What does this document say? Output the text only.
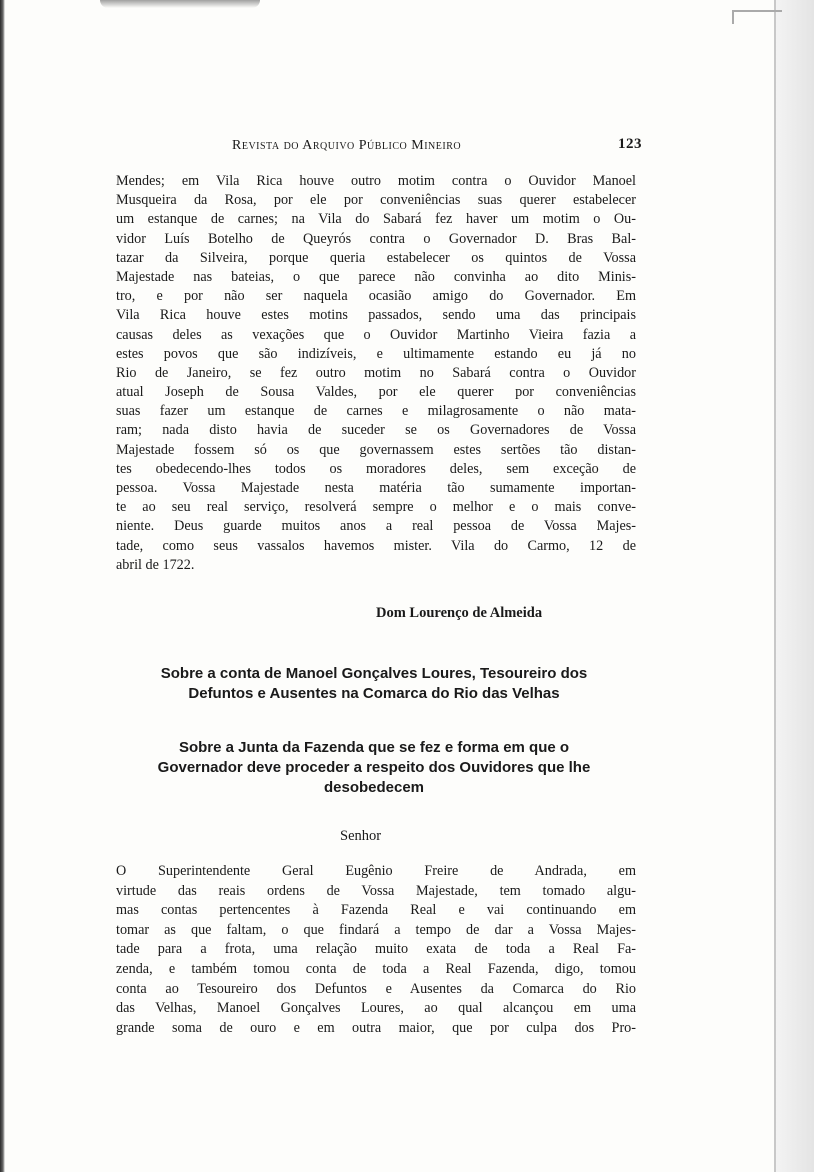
Revista do Arquivo Público Mineiro	123
Mendes; em Vila Rica houve outro motim contra o Ouvidor Manoel
Musqueira da Rosa, por ele por conveniências suas querer estabelecer
um estanque de carnes; na Vila do Sabará fez haver um motim o Ou-
vidor Luís Botelho de Queyrós contra o Governador D. Bras Bal-
tazar da Silveira, porque queria estabelecer os quintos de Vossa
Majestade nas bateias, o que parece não convinha ao dito Minis-
tro, e por não ser naquela ocasião amigo do Governador. Em
Vila Rica houve estes motins passados, sendo uma das principais
causas deles as vexações que o Ouvidor Martinho Vieira fazia a
estes povos que são indizíveis, e ultimamente estando eu já no
Rio de Janeiro, se fez outro motim no Sabará contra o Ouvidor
atual Joseph de Sousa Valdes, por ele querer por conveniências
suas fazer um estanque de carnes e milagrosamente o não mata-
ram; nada disto havia de suceder se os Governadores de Vossa
Majestade fossem só os que governassem estes sertões tão distan-
tes obedecendo-lhes todos os moradores deles, sem exceção de
pessoa. Vossa Majestade nesta matéria tão sumamente importan-
te ao seu real serviço, resolverá sempre o melhor e o mais conve-
niente. Deus guarde muitos anos a real pessoa de Vossa Majes-
tade, como seus vassalos havemos mister. Vila do Carmo, 12 de
abril de 1722.
Dom Lourenço de Almeida
Sobre a conta de Manoel Gonçalves Loures, Tesoureiro dos
Defuntos e Ausentes na Comarca do Rio das Velhas
Sobre a Junta da Fazenda que se fez e forma em que o
Governador deve proceder a respeito dos Ouvidores que lhe
desobedecem
Senhor
O Superintendente Geral Eugênio Freire de Andrada, em
virtude das reais ordens de Vossa Majestade, tem tomado algu-
mas contas pertencentes à Fazenda Real e vai continuando em
tomar as que faltam, o que findará a tempo de dar a Vossa Majes-
tade para a frota, uma relação muito exata de toda a Real Fa-
zenda, e também tomou conta de toda a Real Fazenda, digo, tomou
conta ao Tesoureiro dos Defuntos e Ausentes da Comarca do Rio
das Velhas, Manoel Gonçalves Loures, ao qual alcançou em uma
grande soma de ouro e em outra maior, que por culpa dos Pro-
